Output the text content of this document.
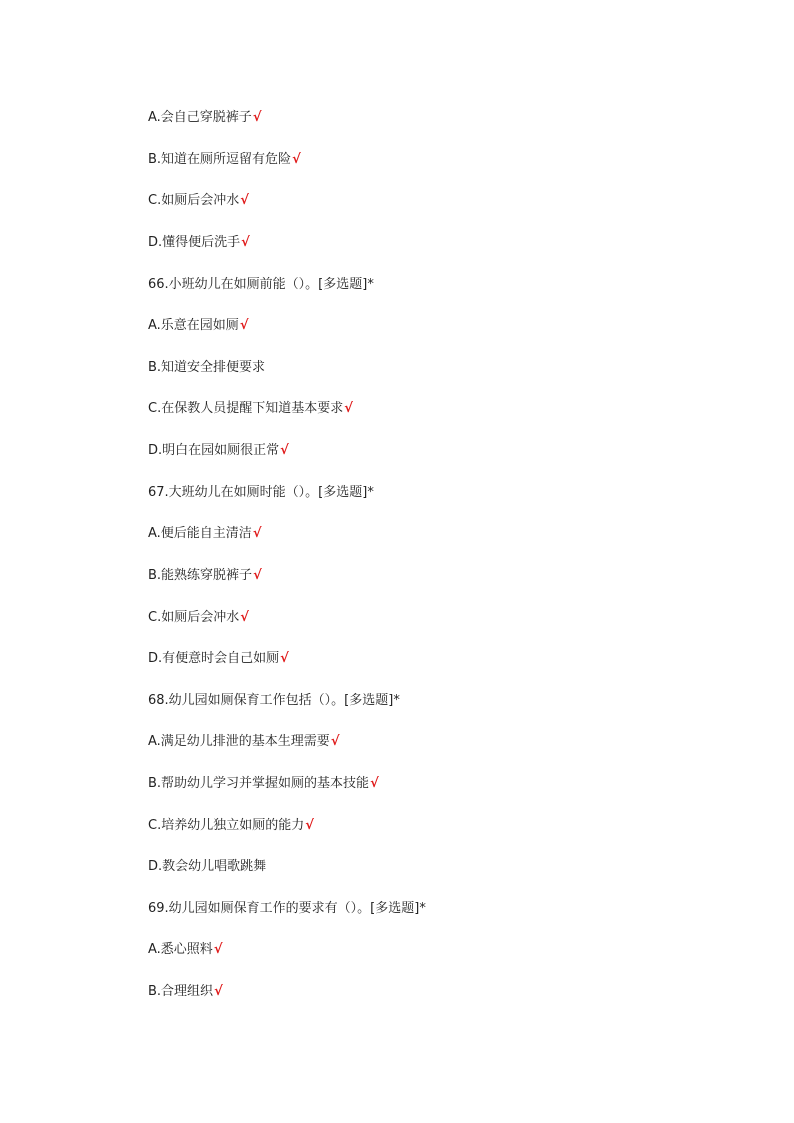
A.会自己穿脱裤子√
B.知道在厕所逗留有危险√
C.如厕后会冲水√
D.懂得便后洗手√
66.小班幼儿在如厕前能（）。[多选题]*
A.乐意在园如厕√
B.知道安全排便要求
C.在保教人员提醒下知道基本要求√
D.明白在园如厕很正常√
67.大班幼儿在如厕时能（）。[多选题]*
A.便后能自主清洁√
B.能熟练穿脱裤子√
C.如厕后会冲水√
D.有便意时会自己如厕√
68.幼儿园如厕保育工作包括（）。[多选题]*
A.满足幼儿排泄的基本生理需要√
B.帮助幼儿学习并掌握如厕的基本技能√
C.培养幼儿独立如厕的能力√
D.教会幼儿唱歌跳舞
69.幼儿园如厕保育工作的要求有（）。[多选题]*
A.悉心照料√
B.合理组织√
